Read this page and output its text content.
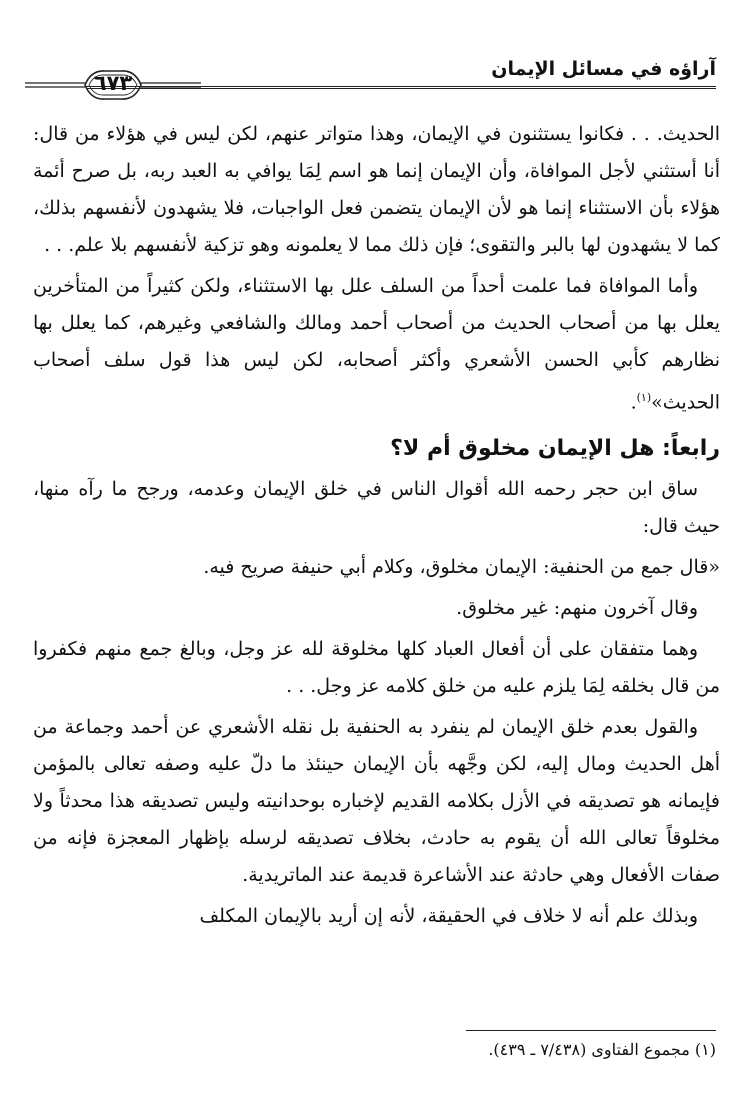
آراؤه في مسائل الإيمان
٦٧٣

الحديث. . . فكانوا يستثنون في الإيمان، وهذا متواتر عنهم، لكن ليس في هؤلاء من قال: أنا أستثني لأجل الموافاة، وأن الإيمان إنما هو اسم لِمَا يوافي به العبد ربه، بل صرح أئمة هؤلاء بأن الاستثناء إنما هو لأن الإيمان يتضمن فعل الواجبات، فلا يشهدون لأنفسهم بذلك، كما لا يشهدون لها بالبر والتقوى؛ فإن ذلك مما لا يعلمونه وهو تزكية لأنفسهم بلا علم. . .

وأما الموافاة فما علمت أحداً من السلف علل بها الاستثناء، ولكن كثيراً من المتأخرين يعلل بها من أصحاب الحديث من أصحاب أحمد ومالك والشافعي وغيرهم، كما يعلل بها نظارهم كأبي الحسن الأشعري وأكثر أصحابه، لكن ليس هذا قول سلف أصحاب الحديث»$^{(١)}$.

رابعاً: هل الإيمان مخلوق أم لا؟

ساق ابن حجر رحمه الله أقوال الناس في خلق الإيمان وعدمه، ورجح ما رآه منها، حيث قال:

«قال جمع من الحنفية: الإيمان مخلوق، وكلام أبي حنيفة صريح فيه.

وقال آخرون منهم: غير مخلوق.

وهما متفقان على أن أفعال العباد كلها مخلوقة لله عز وجل، وبالغ جمع منهم فكفروا من قال بخلقه لِمَا يلزم عليه من خلق كلامه عز وجل. . .

والقول بعدم خلق الإيمان لم ينفرد به الحنفية بل نقله الأشعري عن أحمد وجماعة من أهل الحديث ومال إليه، لكن وجَّهه بأن الإيمان حينئذ ما دلّ عليه وصفه تعالى بالمؤمن فإيمانه هو تصديقه في الأزل بكلامه القديم لإخباره بوحدانيته وليس تصديقه هذا محدثاً ولا مخلوقاً تعالى الله أن يقوم به حادث، بخلاف تصديقه لرسله بإظهار المعجزة فإنه من صفات الأفعال وهي حادثة عند الأشاعرة قديمة عند الماتريدية.

وبذلك علم أنه لا خلاف في الحقيقة، لأنه إن أريد بالإيمان المكلف

(١) مجموع الفتاوى (٧/٤٣٨ ـ ٤٣٩).
